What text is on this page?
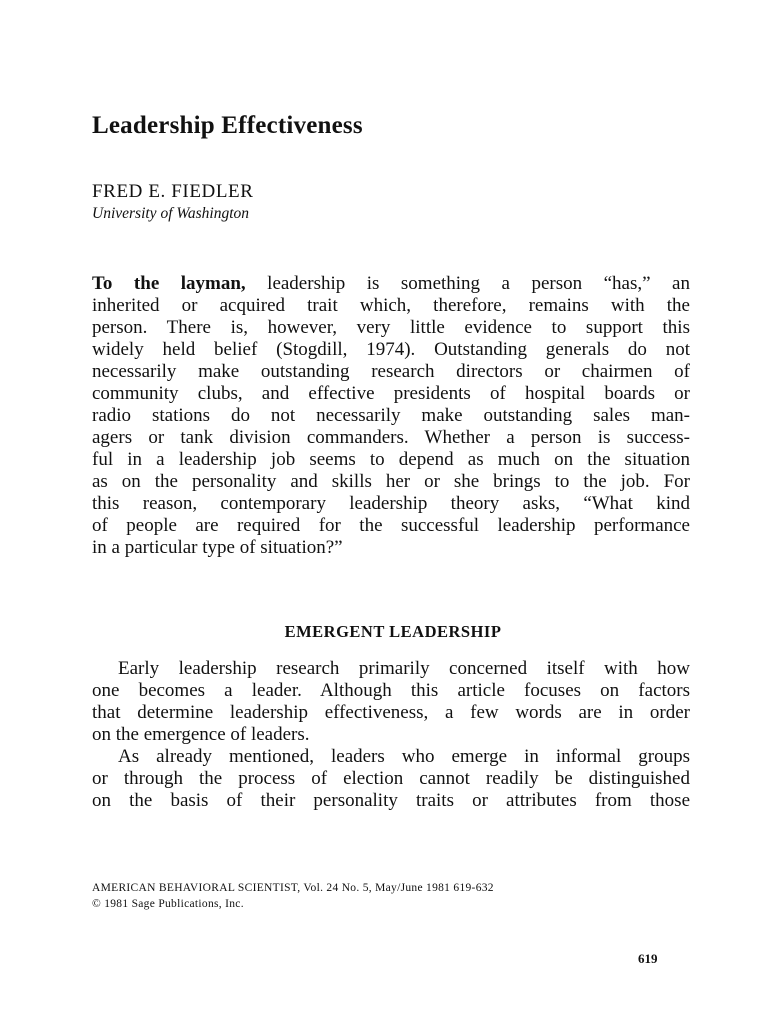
Leadership Effectiveness

FRED E. FIEDLER

University of Washington

To the layman, leadership is something a person “has,” an
inherited or acquired trait which, therefore, remains with the
person. There is, however, very little evidence to support this
widely held belief (Stogdill, 1974). Outstanding generals do not
necessarily make outstanding research directors or chairmen of
community clubs, and effective presidents of hospital boards or
radio stations do not necessarily make outstanding sales man-
agers or tank division commanders. Whether a person is success-
ful in a leadership job seems to depend as much on the situation
as on the personality and skills her or she brings to the job. For
this reason, contemporary leadership theory asks, “What kind
of people are required for the successful leadership performance
in a particular type of situation?”
EMERGENT LEADERSHIP
Early leadership research primarily concerned itself with how
one becomes a leader. Although this article focuses on factors
that determine leadership effectiveness, a few words are in order
on the emergence of leaders.
As already mentioned, leaders who emerge in informal groups
or through the process of election cannot readily be distinguished
on the basis of their personality traits or attributes from those
AMERICAN BEHAVIORAL SCIENTIST, Vol. 24 No. 5, May/June 1981 619-632
© 1981 Sage Publications, Inc.

619
